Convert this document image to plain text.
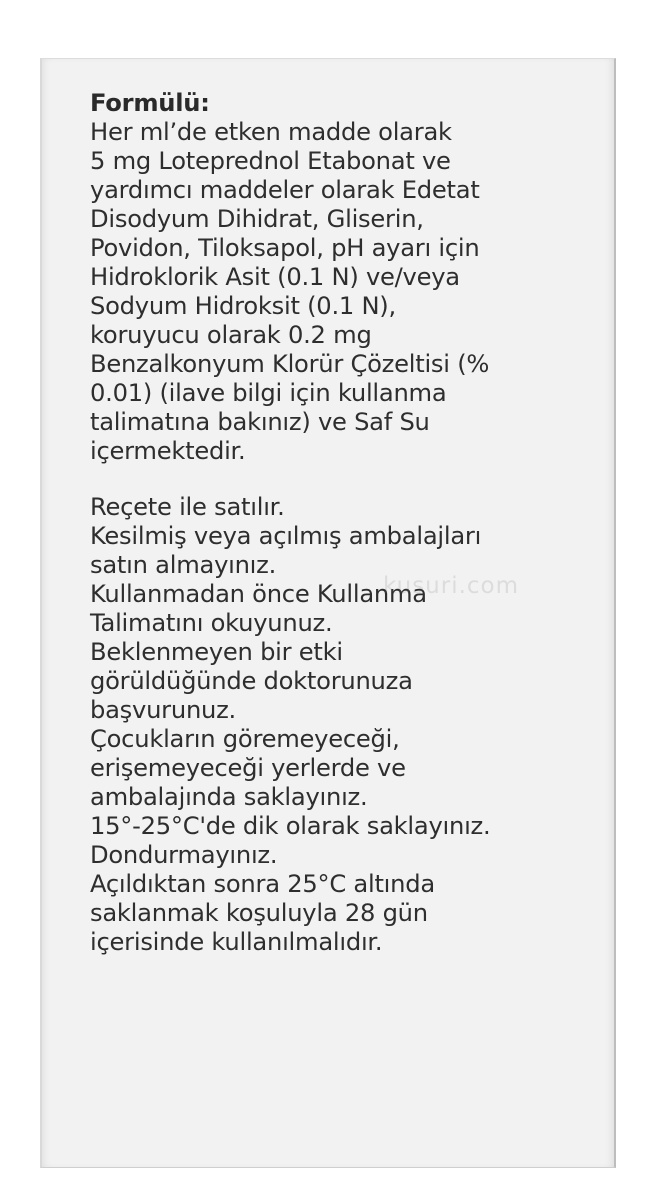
Formülü:
Her ml’de etken madde olarak
5 mg Loteprednol Etabonat ve
yardımcı maddeler olarak Edetat
Disodyum Dihidrat, Gliserin,
Povidon, Tiloksapol, pH ayarı için
Hidroklorik Asit (0.1 N) ve/veya
Sodyum Hidroksit (0.1 N),
koruyucu olarak 0.2 mg
Benzalkonyum Klorür Çözeltisi (%
0.01) (ilave bilgi için kullanma
talimatına bakınız) ve Saf Su
içermektedir.
Reçete ile satılır.
Kesilmiş veya açılmış ambalajları
satın almayınız.
Kullanmadan önce Kullanma
Talimatını okuyunuz.
Beklenmeyen bir etki
görüldüğünde doktorunuza
başvurunuz.
Çocukların göremeyeceği,
erişemeyeceği yerlerde ve
ambalajında saklayınız.
15°-25°C'de dik olarak saklayınız.
Dondurmayınız.
Açıldıktan sonra 25°C altında
saklanmak koşuluyla 28 gün
içerisinde kullanılmalıdır.
